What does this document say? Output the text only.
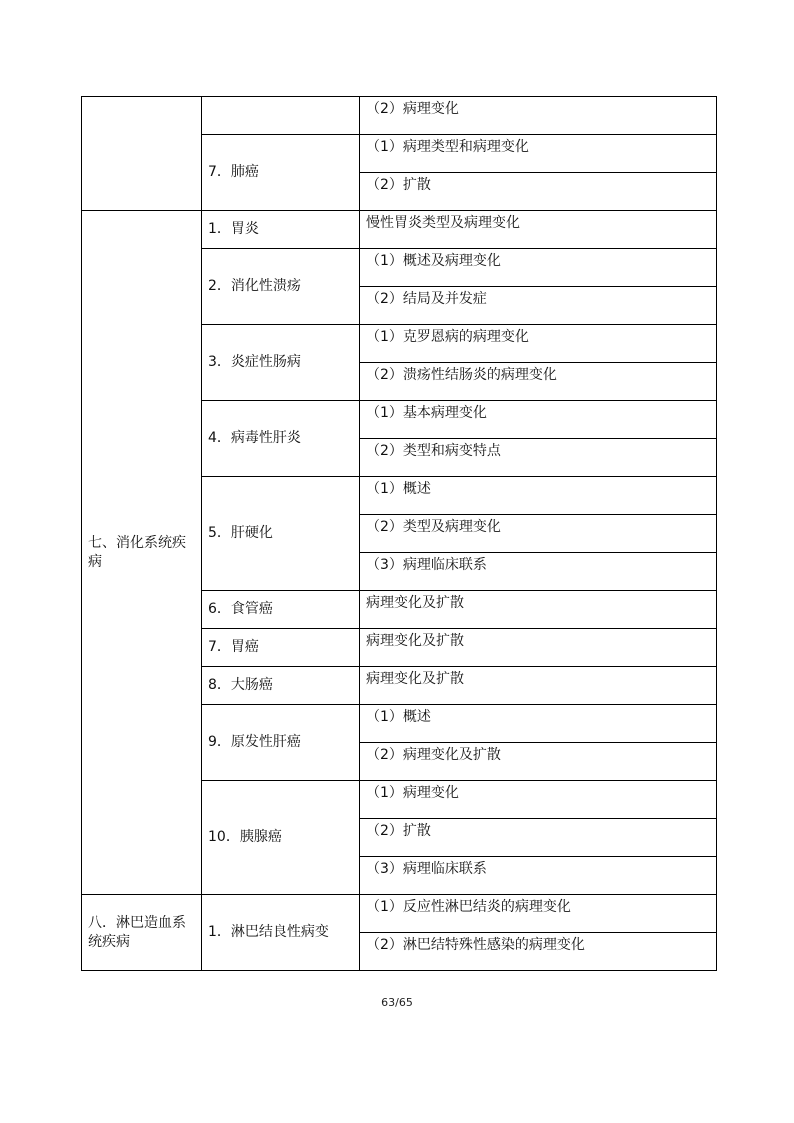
		（2）病理变化
	7．肺癌	（1）病理类型和病理变化
		（2）扩散
七、消化系统疾病	1．胃炎	慢性胃炎类型及病理变化
	2．消化性溃疡	（1）概述及病理变化
		（2）结局及并发症
	3．炎症性肠病	（1）克罗恩病的病理变化
		（2）溃疡性结肠炎的病理变化
	4．病毒性肝炎	（1）基本病理变化
		（2）类型和病变特点
	5．肝硬化	（1）概述
		（2）类型及病理变化
		（3）病理临床联系
	6．食管癌	病理变化及扩散
	7．胃癌	病理变化及扩散
	8．大肠癌	病理变化及扩散
	9．原发性肝癌	（1）概述
		（2）病理变化及扩散
	10．胰腺癌	（1）病理变化
		（2）扩散
		（3）病理临床联系
八．淋巴造血系统疾病	1．淋巴结良性病变	（1）反应性淋巴结炎的病理变化
		（2）淋巴结特殊性感染的病理变化
63/65
